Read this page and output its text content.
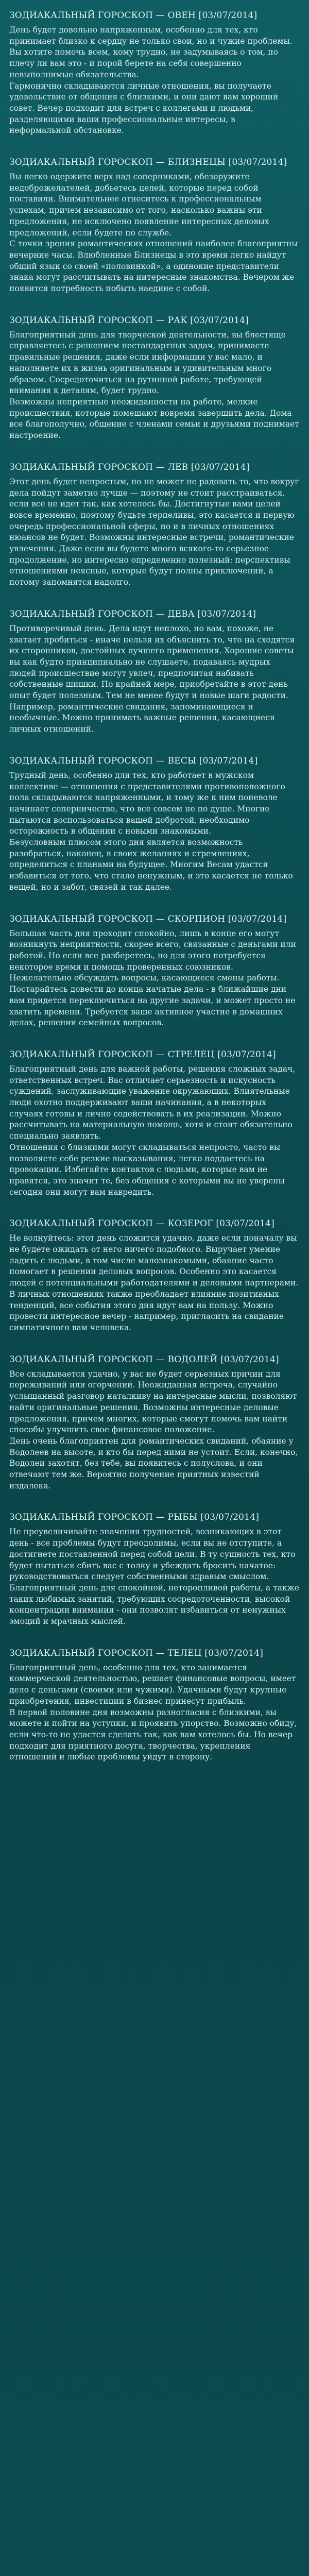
ЗОДИАКАЛЬНЫЙ ГОРОСКОП — ОВЕН [03/07/2014]

День будет довольно напряженным, особенно для тех, кто принимает близко к сердцу не только свои, но и чужие проблемы. Вы хотите помочь всем, кому трудно, не задумываясь о том, по плечу ли вам это - и порой берете на себя совершенно невыполнимые обязательства.

Гармонично складываются личные отношения, вы получаете удовольствие от общения с близкими, и они дают вам хороший совет. Вечер подходит для встреч с коллегами и людьми, разделяющими ваши профессиональные интересы, в неформальной обстановке.

ЗОДИАКАЛЬНЫЙ ГОРОСКОП — БЛИЗНЕЦЫ [03/07/2014]

Вы легко одержите верх над соперниками, обезоружите недоброжелателей, добьетесь целей, которые перед собой поставили. Внимательнее отнеситесь к профессиональным успехам, причем независимо от того, насколько важны эти предложения, не исключено появление интересных деловых предложений, если будете по службе.

С точки зрения романтических отношений наиболее благоприятны вечерние часы. Влюбленные Близнецы в это время легко найдут общий язык со своей «половинкой», а одинокие представители знака могут рассчитывать на интересные знакомства. Вечером же появится потребность побыть наедине с собой.

ЗОДИАКАЛЬНЫЙ ГОРОСКОП — РАК [03/07/2014]

Благоприятный день для творческой деятельности, вы блестяще справляетесь с решением нестандартных задач, принимаете правильные решения, даже если информации у вас мало, и наполняете их в жизнь оригинальным и удивительным много образом. Сосредоточиться на рутинной работе, требующей внимания к деталям, будет трудно.

Возможны неприятные неожиданности на работе, мелкие происшествия, которые помешают вовремя завершить дела. Дома все благополучно, общение с членами семьи и друзьями поднимает настроение.

ЗОДИАКАЛЬНЫЙ ГОРОСКОП — ЛЕВ [03/07/2014]

Этот день будет непростым, но не может не радовать то, что вокруг дела пойдут заметно лучше — поэтому не стоит расстраиваться, если все не идет так, как хотелось бы. Достигнутые вами целей вовсе временно, поэтому будьте терпеливы, это касается и первую очередь профессиональной сферы, но и в личных отношениях нюансов не будет. Возможны интересные встречи, романтические увлечения. Даже если вы будете много всякого-то серьезное продолжение, но интересно определенно полезный: перспективы отношениями неясные, которые будут полны приключений, а потому запомнятся надолго.

ЗОДИАКАЛЬНЫЙ ГОРОСКОП — ДЕВА [03/07/2014]

Противоречивый день. Дела идут неплохо, но вам, похоже, не хватает пробиться - иначе нельзя их объяснить то, что на сходятся их сторонников, достойных лучшего применения. Хорошие советы вы как будто принципиально не слушаете, подаваясь мудрых людей происшествие могут увлеч, предпочитая набивать собственные шишки. По крайней мере, приобретайте в этот день опыт будет полезным. Тем не менее будут и новые шаги радости. Например, романтические свидания, запоминающиеся и необычные. Можно принимать важные решения, касающиеся личных отношений.

ЗОДИАКАЛЬНЫЙ ГОРОСКОП — ВЕСЫ [03/07/2014]

Трудный день, особенно для тех, кто работает в мужском коллективе — отношения с представителями противоположного пола складываются напряженными, и тому же к ним поневоле начинает соперничество, что все совсем не по душе. Многие пытаются воспользоваться вашей добротой, необходимо осторожность в общении с новыми знакомыми.

Безусловным плюсом этого дня является возможность разобраться, наконец, в своих желаниях и стремлениях, определиться с планами на будущее. Многим Весам удастся избавиться от того, что стало ненужным, и это касается не только вещей, но и забот, связей и так далее.

ЗОДИАКАЛЬНЫЙ ГОРОСКОП — СКОРПИОН [03/07/2014]

Большая часть дня проходит спокойно, лишь в конце его могут возникнуть неприятности, скорее всего, связанные с деньгами или работой. Но если все разберетесь, но для этого потребуется некоторое время и помощь проверенных союзников.

Нежелательно обсуждать вопросы, касающиеся смены работы.

Постарайтесь довести до конца начатые дела - в ближайшие дни вам придется переключиться на другие задачи, и может просто не хватить времени. Требуется ваше активное участие в домашних делах, решении семейных вопросов.

ЗОДИАКАЛЬНЫЙ ГОРОСКОП — СТРЕЛЕЦ [03/07/2014]

Благоприятный день для важной работы, решения сложных задач, ответственных встреч. Вас отличает серьезность и искусность суждений, заслуживающие уважение окружающих. Влиятельные люди охотно поддерживают ваши начинания, а в некоторых случаях готовы и лично содействовать в их реализации. Можно рассчитывать на материальную помощь, хотя и стоит обязательно специально заявлять.

Отношения с близкими могут складываться непросто, часто вы позволяете себе резкие высказывания, легко поддаетесь на провокации. Избегайте контактов с людьми, которые вам не нравятся, это значит те, без общения с которыми вы не уверены сегодня они могут вам навредить.

ЗОДИАКАЛЬНЫЙ ГОРОСКОП — КОЗЕРОГ [03/07/2014]

Не волнуйтесь: этот день сложится удачно, даже если поначалу вы не будете ожидать от него ничего подобного. Выручает умение ладить с людьми, в том числе малознакомыми, обаяние часто помогает в решении деловых вопросов. Особенно это касается людей с потенциальными работодателями и деловыми партнерами.

В личных отношениях также преобладает влияние позитивных тенденций, все события этого дня идут вам на пользу. Можно провести интересное вечер - например, пригласить на свидание симпатичного вам человека.

ЗОДИАКАЛЬНЫЙ ГОРОСКОП — ВОДОЛЕЙ [03/07/2014]

Все складывается удачно, у вас не будет серьезных причин для переживаний или огорчений. Неожиданная встреча, случайно услышанный разговор наталкиву на интересные мысли, позволяют найти оригинальные решения. Возможны интересные деловые предложения, причем многих, которые смогут помочь вам найти способы улучшить свое финансовое положение.

День очень благоприятен для романтических свиданий, обаяние у Водолеев на высоте, и кто бы перед ними не устоит. Если, конечно, Водолеи захотят, без тебе, вы появитесь с полуслова, и они отвечают тем же. Вероятно получение приятных известий издалека.

ЗОДИАКАЛЬНЫЙ ГОРОСКОП — РЫБЫ [03/07/2014]

Не преувеличивайте значения трудностей, возникающих в этот день - все проблемы будут преодолимы, если вы не отступите, а достигнете поставленной перед собой цели. В ту сущность тех, кто будет пытаться сбить вас с толку и убеждать бросить начатое: руководствоваться следует собственными здравым смыслом.

Благоприятный день для спокойной, неторопливой работы, а также таких любимых занятий, требующих сосредоточенности, высокой концентрации внимания - они позволят избавиться от ненужных эмоций и мрачных мыслей.

ЗОДИАКАЛЬНЫЙ ГОРОСКОП — ТЕЛЕЦ [03/07/2014]

Благоприятный день, особенно для тех, кто занимается коммерческой деятельностью, решает финансовые вопросы, имеет дело с деньгами (своими или чужими). Удачными будут крупные приобретения, инвестиции в бизнес принесут прибыль.

В первой половине дня возможны разногласия с близкими, вы можете и пойти на уступки, и проявить упорство. Возможно обиду, если что-то не удастся сделать так, как вам хотелось бы. Но вечер подходит для приятного досуга, творчества, укрепления отношений и любые проблемы уйдут в сторону.
